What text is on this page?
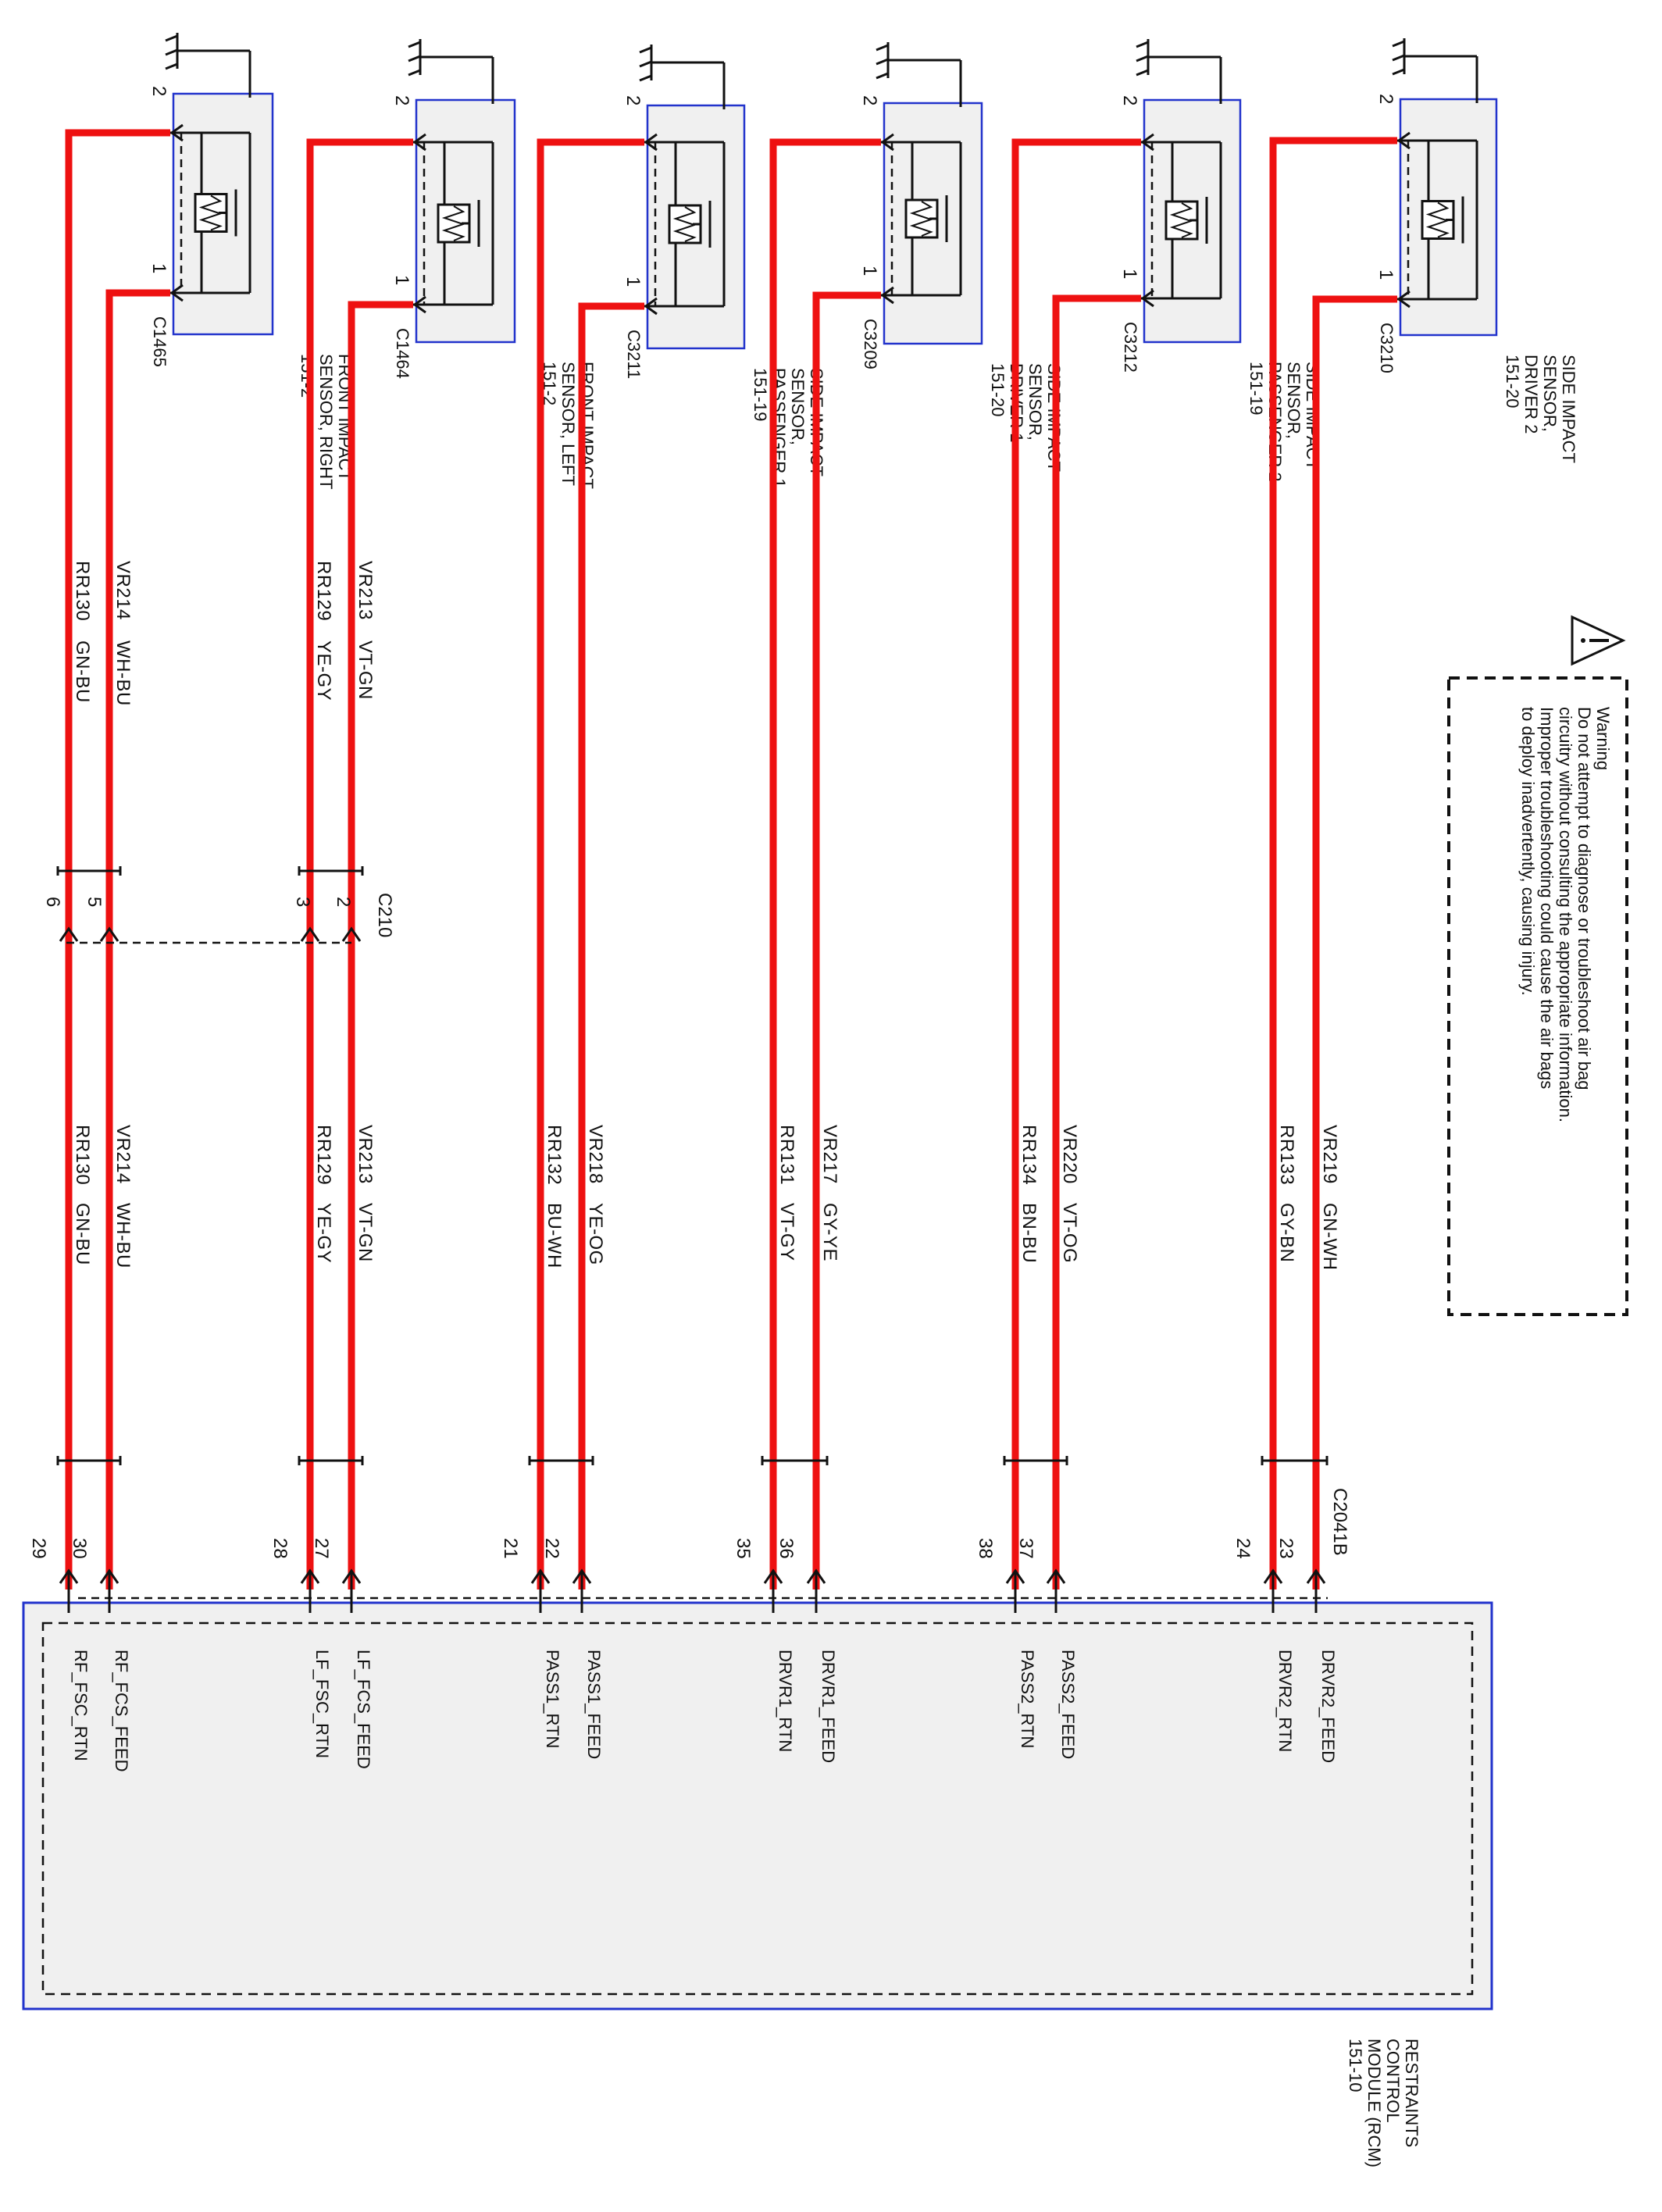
RESTRAINTS
CONTROL
MODULE (RCM)
151-10
Warning
Do not attempt to diagnose or troubleshoot air bag
circuitry without consulting the appropriate information.
Improper troubleshooting could cause the air bags
to deploy inadvertently, causing injury.
2
1
C1465
FRONT IMPACT
SENSOR, RIGHT
151-2
2
1
C1464
FRONT IMPACT
SENSOR, LEFT
151-2
2
1
C3211
SIDE IMPACT
SENSOR,
PASSENGER 1
151-19
2
1
C3209
SIDE IMPACT
SENSOR,
DRIVER 1
151-20
2
1
C3212
SIDE IMPACT
SENSOR,
PASSENGER 2
151-19
2
1
C3210
SIDE IMPACT
SENSOR,
DRIVER 2
151-20
29 30
RF_FSC_RTN RF_FCS_FEED
RR130
GN-BU
VR214
WH-BU
28 27
LF_FSC_RTN LF_FCS_FEED
RR129
YE-GY
VR213
VT-GN
21 22
PASS1_RTN PASS1_FEED
RR132
BU-WH
VR218
YE-OG
35 36
DRVR1_RTN DRVR1_FEED
RR131
VT-GY
VR217
GY-YE
38 37
PASS2_RTN PASS2_FEED
RR134
BN-BU
VR220
VT-OG
24 23
DRVR2_RTN DRVR2_FEED
RR133
GY-BN
VR219
GN-WH
RR130
GN-BU
VR214
WH-BU
RR129
YE-GY
VR213
VT-GN
C210
6 5	3 2
C2041B
